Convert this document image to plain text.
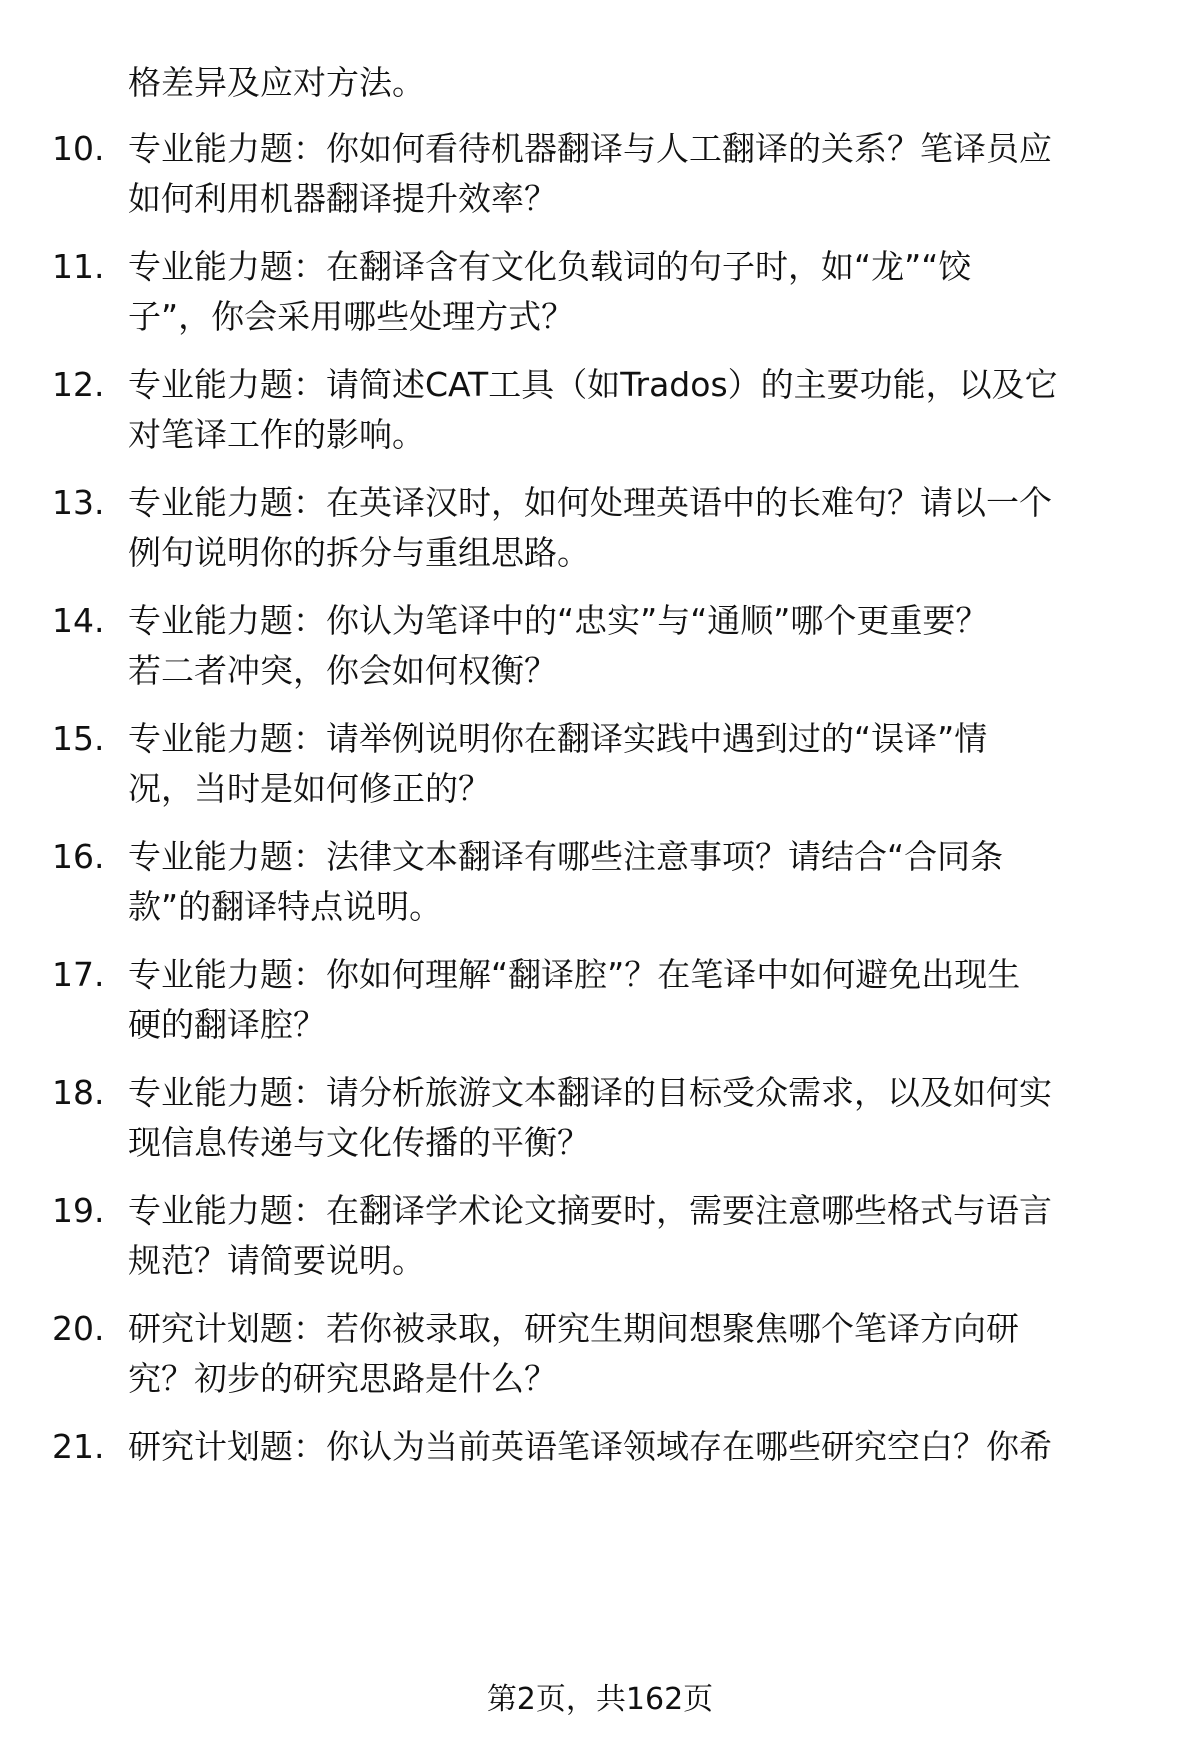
格差异及应对方法。
10. 专业能力题：你如何看待机器翻译与人工翻译的关系？笔译员应
如何利用机器翻译提升效率？
11. 专业能力题：在翻译含有文化负载词的句子时，如“龙”“饺
子”，你会采用哪些处理方式？
12. 专业能力题：请简述CAT工具（如Trados）的主要功能，以及它
对笔译工作的影响。
13. 专业能力题：在英译汉时，如何处理英语中的长难句？请以一个
例句说明你的拆分与重组思路。
14. 专业能力题：你认为笔译中的“忠实”与“通顺”哪个更重要？
若二者冲突，你会如何权衡？
15. 专业能力题：请举例说明你在翻译实践中遇到过的“误译”情
况，当时是如何修正的？
16. 专业能力题：法律文本翻译有哪些注意事项？请结合“合同条
款”的翻译特点说明。
17. 专业能力题：你如何理解“翻译腔”？在笔译中如何避免出现生
硬的翻译腔？
18. 专业能力题：请分析旅游文本翻译的目标受众需求，以及如何实
现信息传递与文化传播的平衡？
19. 专业能力题：在翻译学术论文摘要时，需要注意哪些格式与语言
规范？请简要说明。
20. 研究计划题：若你被录取，研究生期间想聚焦哪个笔译方向研
究？初步的研究思路是什么？
21. 研究计划题：你认为当前英语笔译领域存在哪些研究空白？你希
第2页，共162页
